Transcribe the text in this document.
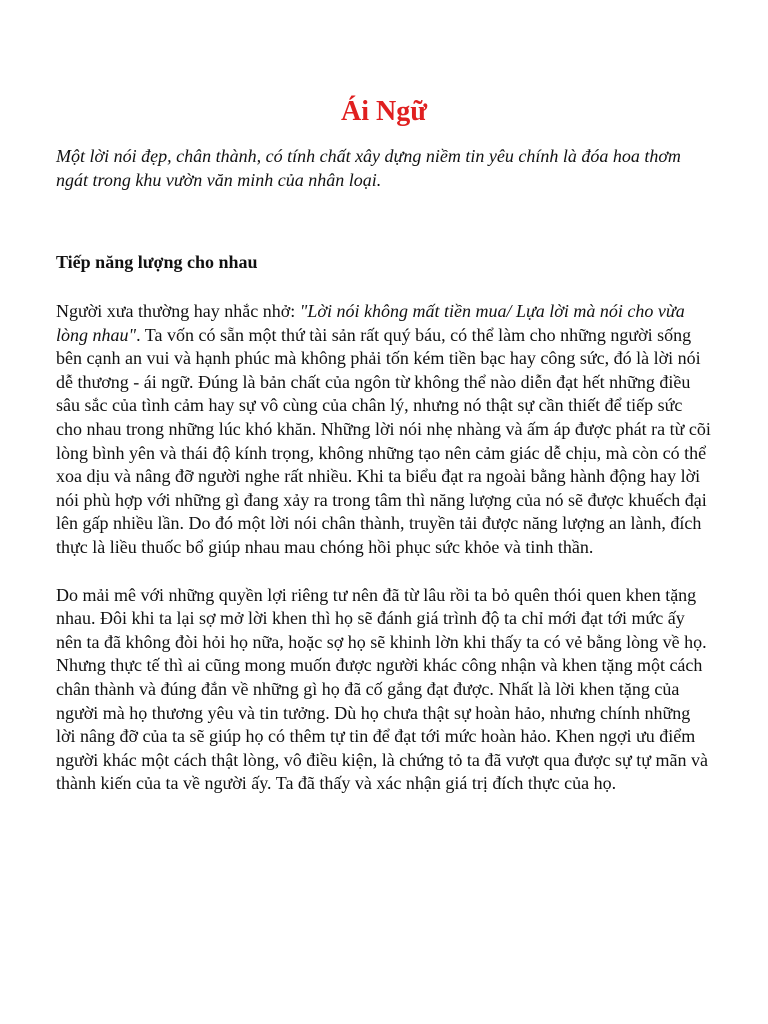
Ái Ngữ

Một lời nói đẹp, chân thành, có tính chất xây dựng niềm tin yêu chính là đóa hoa thơm ngát trong khu vườn văn minh của nhân loại.

Tiếp năng lượng cho nhau

Người xưa thường hay nhắc nhở: "Lời nói không mất tiền mua/ Lựa lời mà nói cho vừa lòng nhau". Ta vốn có sẵn một thứ tài sản rất quý báu, có thể làm cho những người sống bên cạnh an vui và hạnh phúc mà không phải tốn kém tiền bạc hay công sức, đó là lời nói dễ thương - ái ngữ. Đúng là bản chất của ngôn từ không thể nào diễn đạt hết những điều sâu sắc của tình cảm hay sự vô cùng của chân lý, nhưng nó thật sự cần thiết để tiếp sức cho nhau trong những lúc khó khăn. Những lời nói nhẹ nhàng và ấm áp được phát ra từ cõi lòng bình yên và thái độ kính trọng, không những tạo nên cảm giác dễ chịu, mà còn có thể xoa dịu và nâng đỡ người nghe rất nhiều. Khi ta biểu đạt ra ngoài bằng hành động hay lời nói phù hợp với những gì đang xảy ra trong tâm thì năng lượng của nó sẽ được khuếch đại lên gấp nhiều lần. Do đó một lời nói chân thành, truyền tải được năng lượng an lành, đích thực là liều thuốc bổ giúp nhau mau chóng hồi phục sức khỏe và tinh thần.

Do mải mê với những quyền lợi riêng tư nên đã từ lâu rồi ta bỏ quên thói quen khen tặng nhau. Đôi khi ta lại sợ mở lời khen thì họ sẽ đánh giá trình độ ta chỉ mới đạt tới mức ấy nên ta đã không đòi hỏi họ nữa, hoặc sợ họ sẽ khinh lờn khi thấy ta có vẻ bằng lòng về họ. Nhưng thực tế thì ai cũng mong muốn được người khác công nhận và khen tặng một cách chân thành và đúng đắn về những gì họ đã cố gắng đạt được. Nhất là lời khen tặng của người mà họ thương yêu và tin tưởng. Dù họ chưa thật sự hoàn hảo, nhưng chính những lời nâng đỡ của ta sẽ giúp họ có thêm tự tin để đạt tới mức hoàn hảo. Khen ngợi ưu điểm người khác một cách thật lòng, vô điều kiện, là chứng tỏ ta đã vượt qua được sự tự mãn và thành kiến của ta về người ấy. Ta đã thấy và xác nhận giá trị đích thực của họ.
